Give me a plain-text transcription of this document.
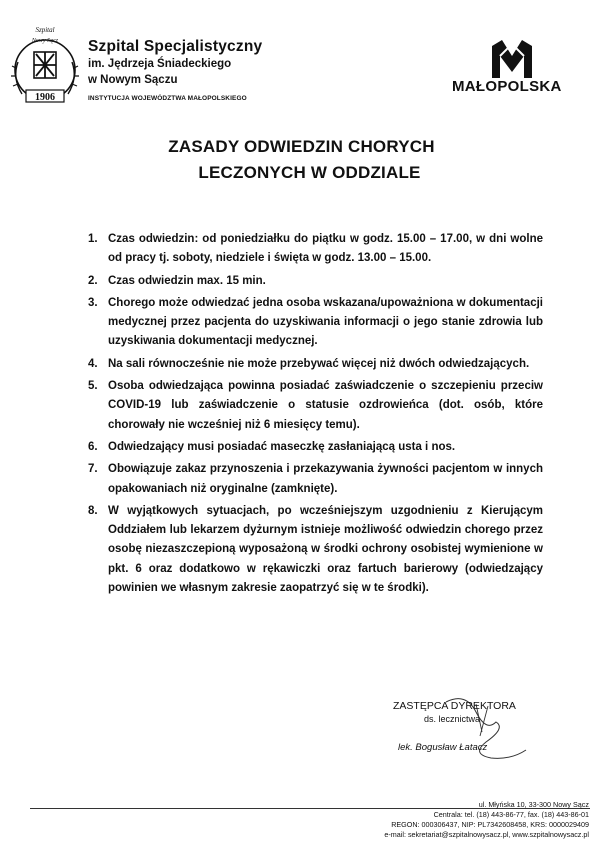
1906
Szpital
Nowy Sącz Szpital Specjalistyczny
im. Jędrzeja Śniadeckiego
w Nowym Sączu
INSTYTUCJA WOJEWÓDZTWA MAŁOPOLSKIEGO
MAŁOPOLSKA
ZASADY ODWIEDZIN CHORYCH
LECZONYCH W ODDZIALE
1. Czas odwiedzin: od poniedziałku do piątku w godz. 15.00 – 17.00, w dni wolne od pracy tj. soboty, niedziele i święta w godz. 13.00 – 15.00.
2. Czas odwiedzin max. 15 min.
3. Chorego może odwiedzać jedna osoba wskazana/upoważniona w dokumentacji medycznej przez pacjenta do uzyskiwania informacji o jego stanie zdrowia lub uzyskiwania dokumentacji medycznej.
4. Na sali równocześnie nie może przebywać więcej niż dwóch odwiedzających.
5. Osoba odwiedzająca powinna posiadać zaświadczenie o szczepieniu przeciw COVID-19 lub zaświadczenie o statusie ozdrowieńca (dot. osób, które chorowały nie wcześniej niż 6 miesięcy temu).
6. Odwiedzający musi posiadać maseczkę zasłaniającą usta i nos.
7. Obowiązuje zakaz przynoszenia i przekazywania żywności pacjentom w innych opakowaniach niż oryginalne (zamknięte).
8. W wyjątkowych sytuacjach, po wcześniejszym uzgodnieniu z Kierującym Oddziałem lub lekarzem dyżurnym istnieje możliwość odwiedzin chorego przez osobę niezaszczepioną wyposażoną w środki ochrony osobistej wymienione w pkt. 6 oraz dodatkowo w rękawiczki oraz fartuch barierowy (odwiedzający powinien we własnym zakresie zaopatrzyć się w te środki).
ZASTĘPCA DYREKTORA
ds. lecznictwa
lek. Bogusław Łatacz
ul. Młyńska 10, 33-300 Nowy Sącz
Centrala: tel. (18) 443-86-77, fax. (18) 443-86-01
REGON: 000306437, NIP: PL7342608458, KRS: 0000029409
e-mail: sekretariat@szpitalnowysacz.pl, www.szpitalnowysacz.pl
